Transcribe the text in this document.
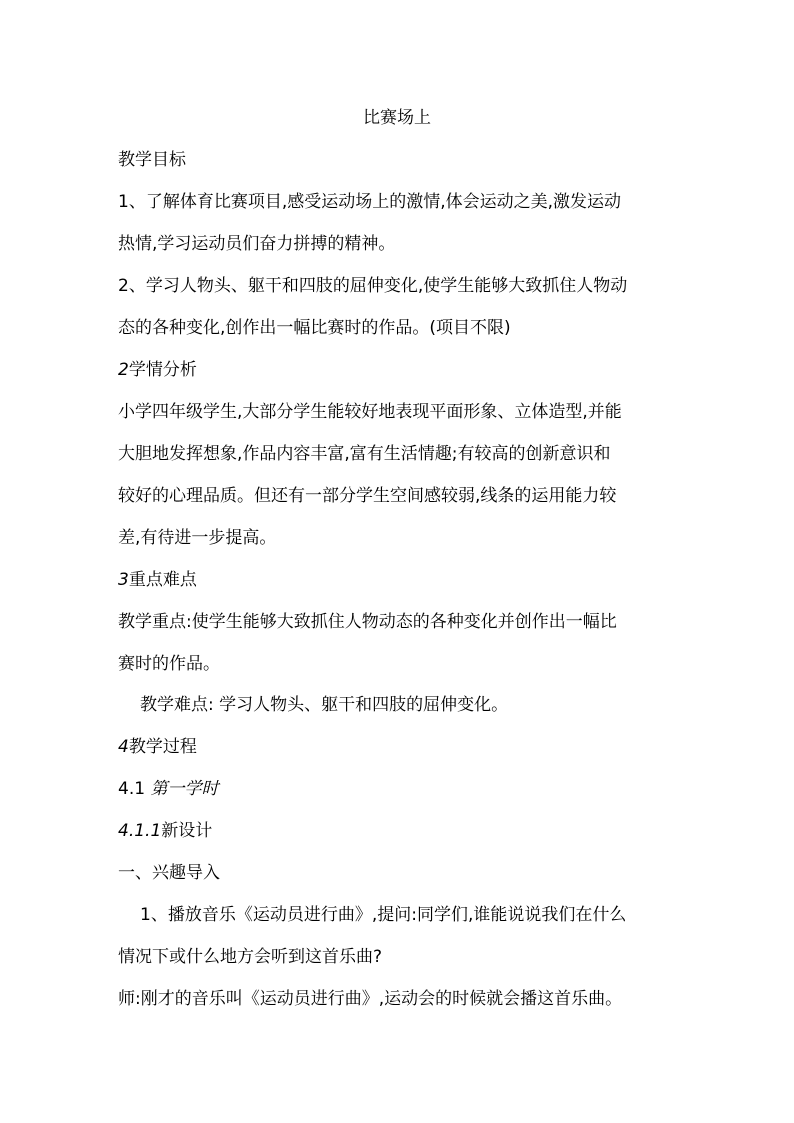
比赛场上
教学目标
1、了解体育比赛项目,感受运动场上的激情,体会运动之美,激发运动
热情,学习运动员们奋力拼搏的精神。
2、学习人物头、躯干和四肢的屈伸变化,使学生能够大致抓住人物动
态的各种变化,创作出一幅比赛时的作品。(项目不限)
2学情分析
小学四年级学生,大部分学生能较好地表现平面形象、立体造型,并能
大胆地发挥想象,作品内容丰富,富有生活情趣;有较高的创新意识和
较好的心理品质。但还有一部分学生空间感较弱,线条的运用能力较
差,有待进一步提高。
3重点难点
教学重点:使学生能够大致抓住人物动态的各种变化并创作出一幅比
赛时的作品。
教学难点: 学习人物头、躯干和四肢的屈伸变化。
4教学过程
4.1 第一学时
4.1.1新设计
一、兴趣导入
1、播放音乐《运动员进行曲》,提问:同学们,谁能说说我们在什么
情况下或什么地方会听到这首乐曲?
师:刚才的音乐叫《运动员进行曲》,运动会的时候就会播这首乐曲。
